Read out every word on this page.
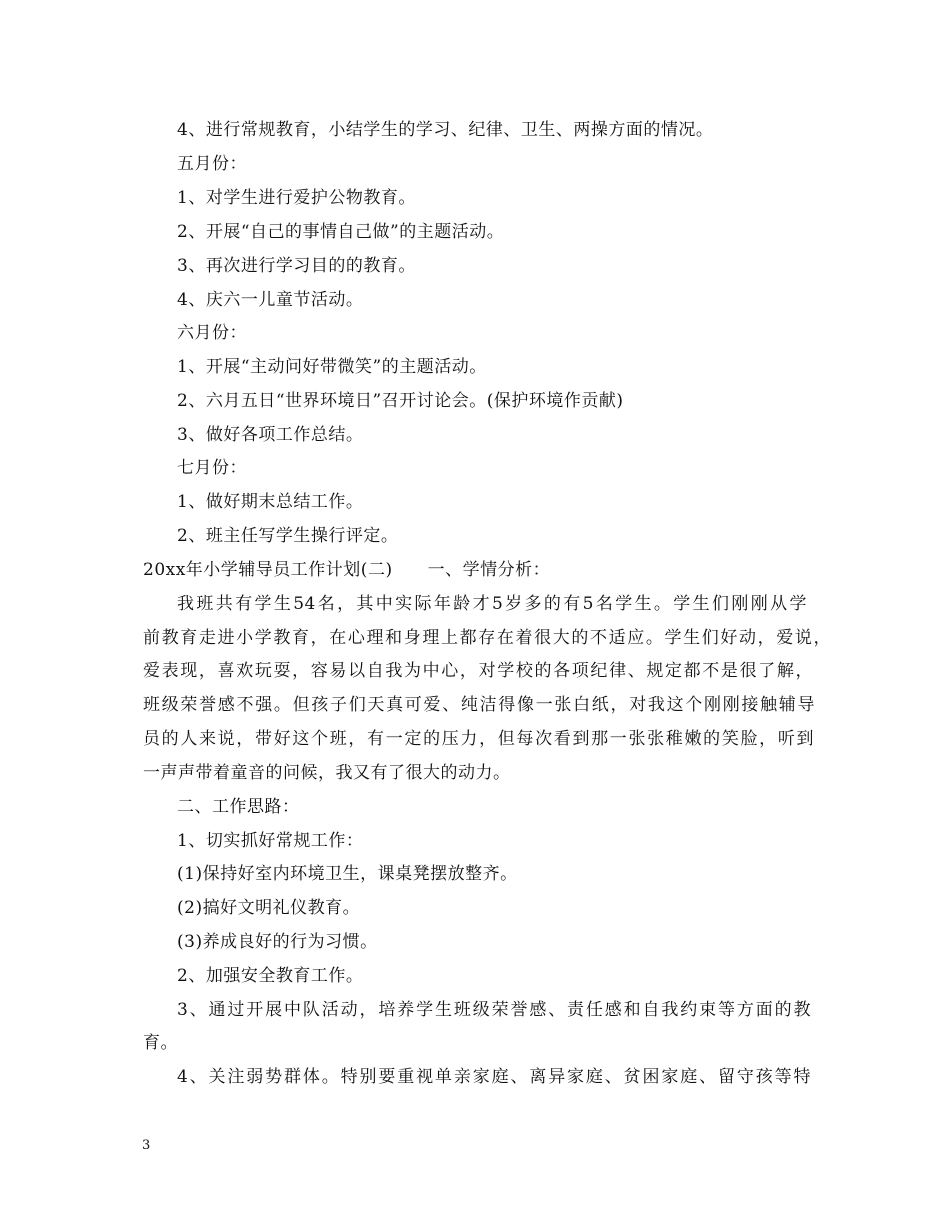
4、进行常规教育，小结学生的学习、纪律、卫生、两操方面的情况。
五月份：
1、对学生进行爱护公物教育。
2、开展“自己的事情自己做”的主题活动。
3、再次进行学习目的的教育。
4、庆六一儿童节活动。
六月份：
1、开展“主动问好带微笑”的主题活动。
2、六月五日“世界环境日”召开讨论会。(保护环境作贡献)
3、做好各项工作总结。
七月份：
1、做好期末总结工作。
2、班主任写学生操行评定。
20xx年小学辅导员工作计划(二)　　一、学情分析：
我班共有学生54名，其中实际年龄才5岁多的有5名学生。学生们刚刚从学
前教育走进小学教育，在心理和身理上都存在着很大的不适应。学生们好动，爱说，
爱表现，喜欢玩耍，容易以自我为中心，对学校的各项纪律、规定都不是很了解，
班级荣誉感不强。但孩子们天真可爱、纯洁得像一张白纸，对我这个刚刚接触辅导
员的人来说，带好这个班，有一定的压力，但每次看到那一张张稚嫩的笑脸，听到
一声声带着童音的问候，我又有了很大的动力。
二、工作思路：
1、切实抓好常规工作：
(1)保持好室内环境卫生，课桌凳摆放整齐。
(2)搞好文明礼仪教育。
(3)养成良好的行为习惯。
2、加强安全教育工作。
3、通过开展中队活动，培养学生班级荣誉感、责任感和自我约束等方面的教
育。
4、关注弱势群体。特别要重视单亲家庭、离异家庭、贫困家庭、留守孩等特
3
